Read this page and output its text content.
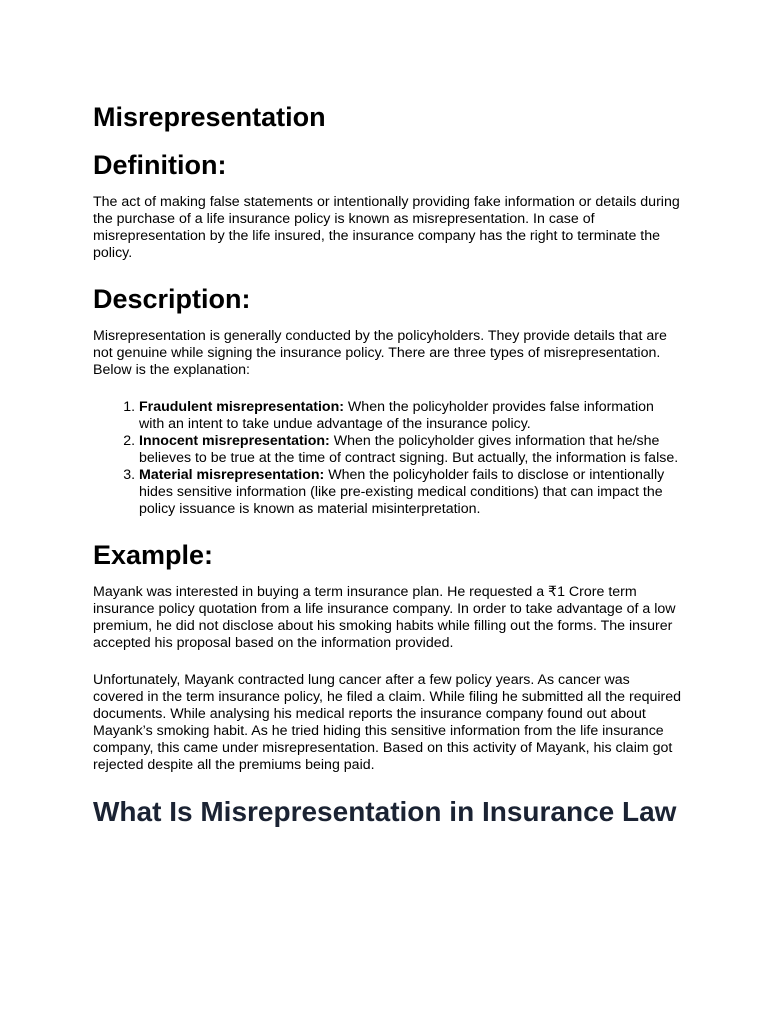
Misrepresentation
Definition:

The act of making false statements or intentionally providing fake information or details during the purchase of a life insurance policy is known as misrepresentation. In case of misrepresentation by the life insured, the insurance company has the right to terminate the policy.

Description:

Misrepresentation is generally conducted by the policyholders. They provide details that are not genuine while signing the insurance policy. There are three types of misrepresentation. Below is the explanation:

1. Fraudulent misrepresentation: When the policyholder provides false information with an intent to take undue advantage of the insurance policy.
2. Innocent misrepresentation: When the policyholder gives information that he/she believes to be true at the time of contract signing. But actually, the information is false.
3. Material misrepresentation: When the policyholder fails to disclose or intentionally hides sensitive information (like pre-existing medical conditions) that can impact the policy issuance is known as material misinterpretation.
Example:

Mayank was interested in buying a term insurance plan. He requested a ₹1 Crore term insurance policy quotation from a life insurance company. In order to take advantage of a low premium, he did not disclose about his smoking habits while filling out the forms. The insurer accepted his proposal based on the information provided.

Unfortunately, Mayank contracted lung cancer after a few policy years. As cancer was covered in the term insurance policy, he filed a claim. While filing he submitted all the required documents. While analysing his medical reports the insurance company found out about Mayank’s smoking habit. As he tried hiding this sensitive information from the life insurance company, this came under misrepresentation. Based on this activity of Mayank, his claim got rejected despite all the premiums being paid.

What Is Misrepresentation in Insurance Law
